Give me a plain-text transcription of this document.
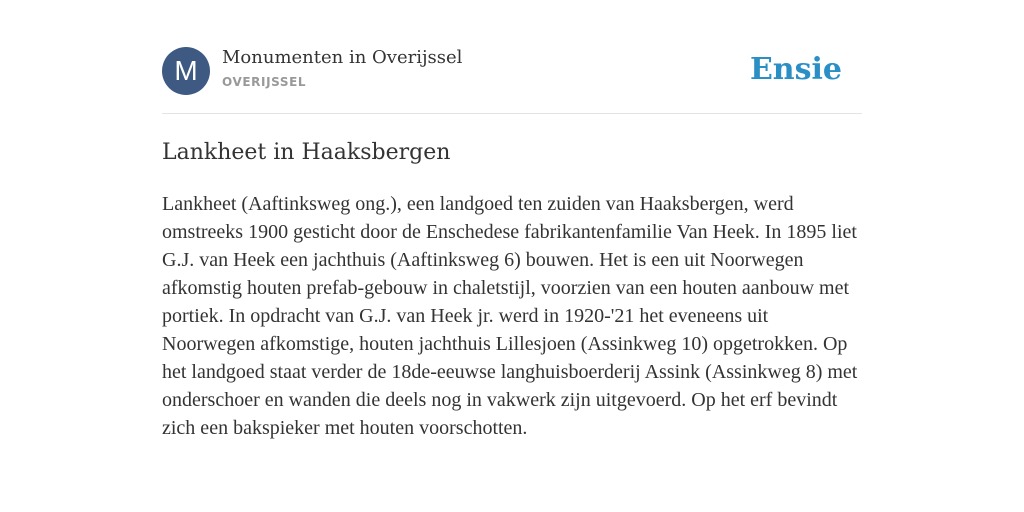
M	Monumenten in Overijssel
OVERIJSSEL	Ensie
Lankheet in Haaksbergen

Lankheet (Aaftinksweg ong.), een landgoed ten zuiden van Haaksbergen, werd omstreeks 1900 gesticht door de Enschedese fabrikantenfamilie Van Heek. In 1895 liet G.J. van Heek een jachthuis (Aaftinksweg 6) bouwen. Het is een uit Noorwegen afkomstig houten prefab-gebouw in chaletstijl, voorzien van een houten aanbouw met portiek. In opdracht van G.J. van Heek jr. werd in 1920-'21 het eveneens uit Noorwegen afkomstige, houten jachthuis Lillesjoen (Assinkweg 10) opgetrokken. Op het landgoed staat verder de 18de-eeuwse langhuisboerderij Assink (Assinkweg 8) met onderschoer en wanden die deels nog in vakwerk zijn uitgevoerd. Op het erf bevindt zich een bakspieker met houten voorschotten.
